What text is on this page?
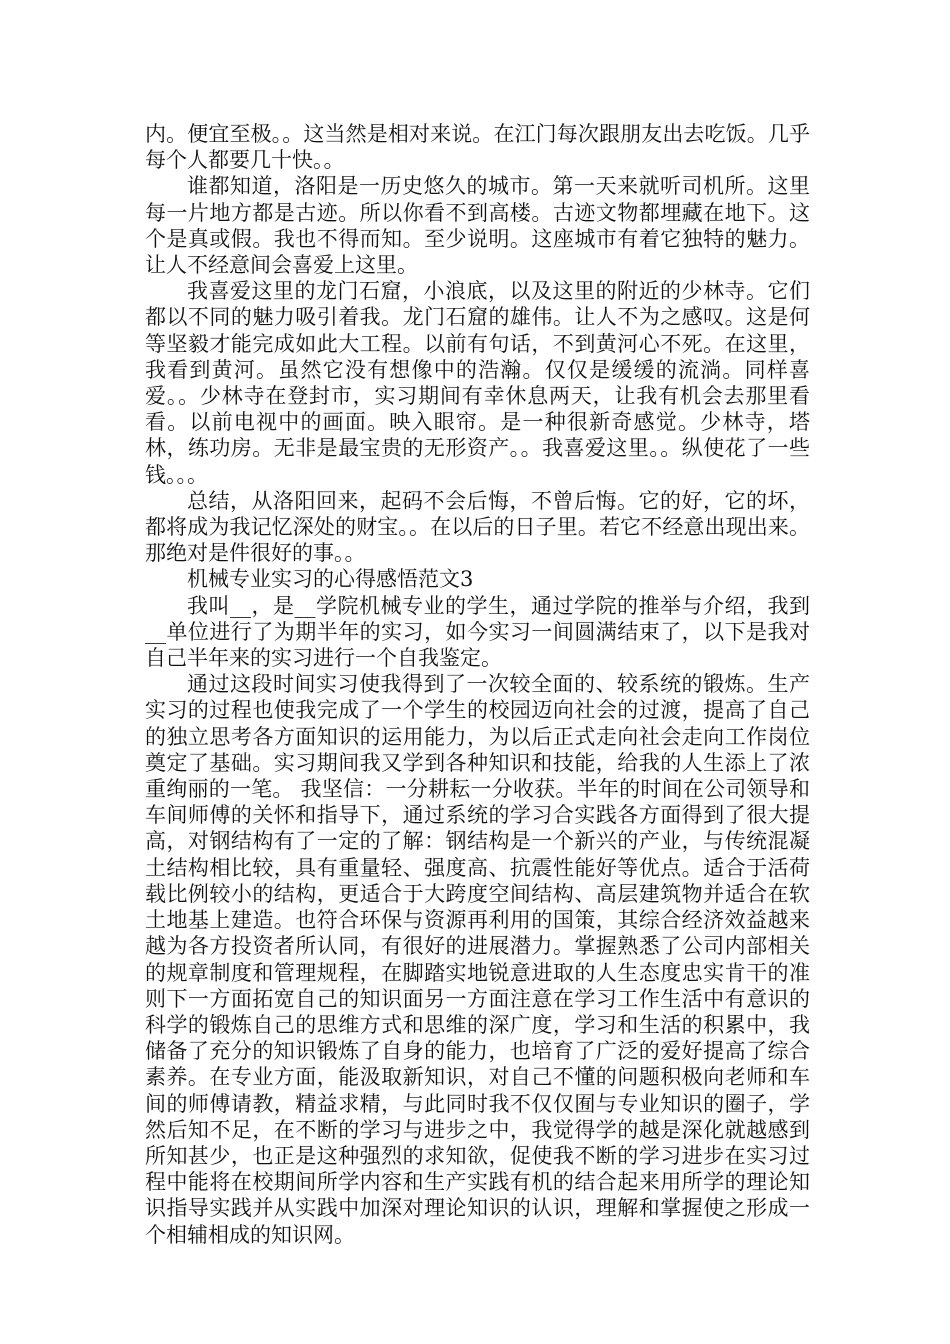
内。便宜至极。。这当然是相对来说。在江门每次跟朋友出去吃饭。几乎每个人都要几十快。。

谁都知道，洛阳是一历史悠久的城市。第一天来就听司机所。这里每一片地方都是古迹。所以你看不到高楼。古迹文物都埋藏在地下。这个是真或假。我也不得而知。至少说明。这座城市有着它独特的魅力。让人不经意间会喜爱上这里。

我喜爱这里的龙门石窟，小浪底，以及这里的附近的少林寺。它们都以不同的魅力吸引着我。龙门石窟的雄伟。让人不为之感叹。这是何等坚毅才能完成如此大工程。以前有句话，不到黄河心不死。在这里，我看到黄河。虽然它没有想像中的浩瀚。仅仅是缓缓的流淌。同样喜爱。。少林寺在登封市，实习期间有幸休息两天，让我有机会去那里看看。以前电视中的画面。映入眼帘。是一种很新奇感觉。少林寺，塔林，练功房。无非是最宝贵的无形资产。。我喜爱这里。。纵使花了一些钱。。。

总结，从洛阳回来，起码不会后悔，不曾后悔。它的好，它的坏，都将成为我记忆深处的财宝。。在以后的日子里。若它不经意出现出来。那绝对是件很好的事。。

机械专业实习的心得感悟范文3

我叫__，是__学院机械专业的学生，通过学院的推举与介绍，我到__单位进行了为期半年的实习，如今实习一间圆满结束了，以下是我对自己半年来的实习进行一个自我鉴定。

通过这段时间实习使我得到了一次较全面的、较系统的锻炼。生产实习的过程也使我完成了一个学生的校园迈向社会的过渡，提高了自己的独立思考各方面知识的运用能力，为以后正式走向社会走向工作岗位奠定了基础。实习期间我又学到各种知识和技能，给我的人生添上了浓重绚丽的一笔。 我坚信：一分耕耘一分收获。半年的时间在公司领导和车间师傅的关怀和指导下，通过系统的学习合实践各方面得到了很大提高，对钢结构有了一定的了解：钢结构是一个新兴的产业，与传统混凝土结构相比较，具有重量轻、强度高、抗震性能好等优点。适合于活荷载比例较小的结构，更适合于大跨度空间结构、高层建筑物并适合在软土地基上建造。也符合环保与资源再利用的国策，其综合经济效益越来越为各方投资者所认同，有很好的进展潜力。掌握熟悉了公司内部相关的规章制度和管理规程，在脚踏实地锐意进取的人生态度忠实肯干的准则下一方面拓宽自己的知识面另一方面注意在学习工作生活中有意识的科学的锻炼自己的思维方式和思维的深广度，学习和生活的积累中，我储备了充分的知识锻炼了自身的能力，也培育了广泛的爱好提高了综合素养。在专业方面，能汲取新知识，对自己不懂的问题积极向老师和车间的师傅请教，精益求精，与此同时我不仅仅囿与专业知识的圈子，学然后知不足，在不断的学习与进步之中，我觉得学的越是深化就越感到所知甚少，也正是这种强烈的求知欲，促使我不断的学习进步在实习过程中能将在校期间所学内容和生产实践有机的结合起来用所学的理论知识指导实践并从实践中加深对理论知识的认识，理解和掌握使之形成一个相辅相成的知识网。
